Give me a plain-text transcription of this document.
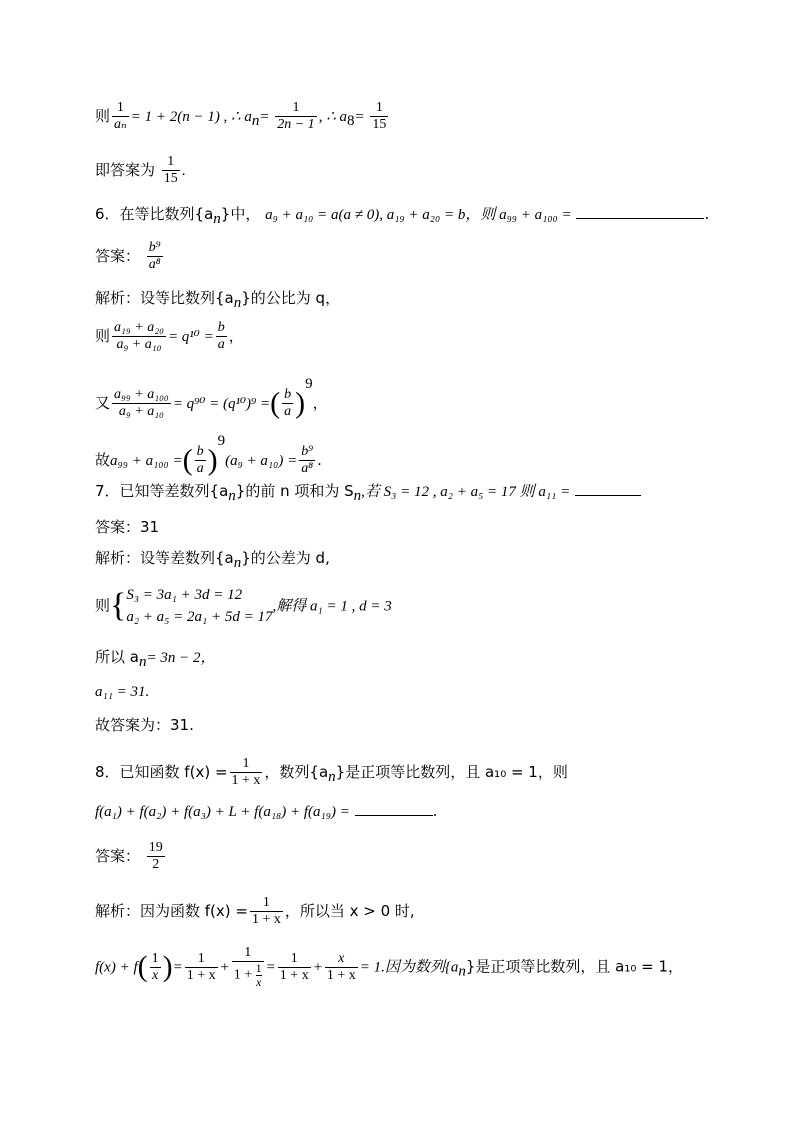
则 $\frac{1}{\text{aₙ}} = 1 + 2(n - 1)$ , ∴ $a_n= \frac{1}{2n - 1}$ , ∴ $a_8= \frac{1}{15}$
即答案为 $\frac{1}{15}$ .
6．在等比数列$\{a_n\}$中， a₉ + a₁₀ = a(a ≠ 0), a₁₉ + a₂₀ = b，则 a₉₉ + a₁₀₀ =	.
答案： $\frac{\text{b⁹}}{\text{a⁸}}$
解析：设等比数列$\{a_n\}$的公比为 q，
则 $\frac{\text{a₁₉ + a₂₀}}{\text{a₉ + a₁₀}} = q^{10} = \frac{b}{a}$ ，
又 $\frac{\text{a₉₉ + a₁₀₀}}{\text{a₉ + a₁₀}} = q^{90} = (q^{10})^9$ =( $\frac{b}{a} )^9$，
故a₉₉ + a₁₀₀ =( $\frac{b}{a} )^9(a_9 + a_{10}) = \frac{\text{b⁹}}{\text{a⁸}}$ .
7．已知等差数列$\{a_n\}$的前 n 项和为 $S_n$,若 S₃ = 12 , a₂ + a₅ = 17 则 a₁₁ =
答案：31
解析：设等差数列$\{a_n\}$的公差为 d,
则{ S₃ = 3a₁ + 3d = 12
a₂ + a₅ = 2a₁ + 5d = 17
,解得 a₁ = 1 , d = 3
所以 $a_n= 3n - 2$，
a₁₁ = 31.
故答案为：31.
8．已知函数 $f(x) = \frac{1}{1 + x}$ ，数列$\{a_n\}$是正项等比数列，且 a₁₀ = 1，则
f(a₁) + f(a₂) + f(a₃) + L + f(a₁₈) + f(a₁₉) =	.
答案： $\frac{19}{2}$
解析：因为函数 $f(x) = \frac{1}{1 + x}$ ，所以当 x > 0 时,
$f(x) + f( \frac{1}{x}$ )= $\frac{1}{1 + x} + \frac{1}{1 + \frac{1}{x}} = \frac{1}{1 + x} + \frac{x}{1 + x} = 1$.因为数列$\{a_n\}$是正项等比数列，且 a₁₀ = 1，
